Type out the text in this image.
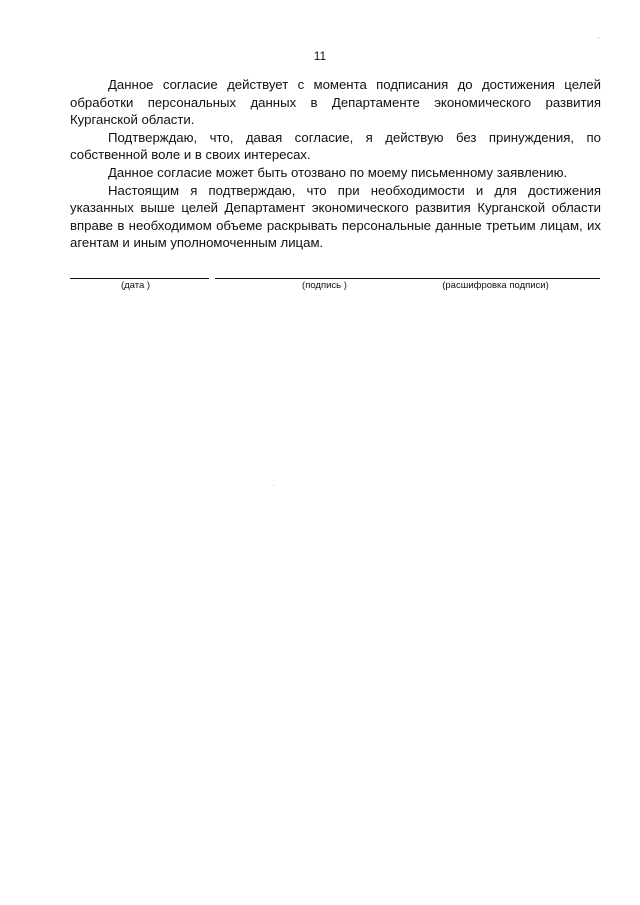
11

Данное согласие действует с момента подписания до достижения целей обработки персональных данных в Департаменте экономического развития Курганской области.

Подтверждаю, что, давая согласие, я действую без принуждения, по собственной воле и в своих интересах.

Данное согласие может быть отозвано по моему письменному заявлению.

Настоящим я подтверждаю, что при необходимости и для достижения указанных выше целей Департамент экономического развития Курганской области вправе в необходимом объеме раскрывать персональные данные третьим лицам, их агентам и иным уполномоченным лицам.

(дата )	(подпись )	(расшифровка подписи)
